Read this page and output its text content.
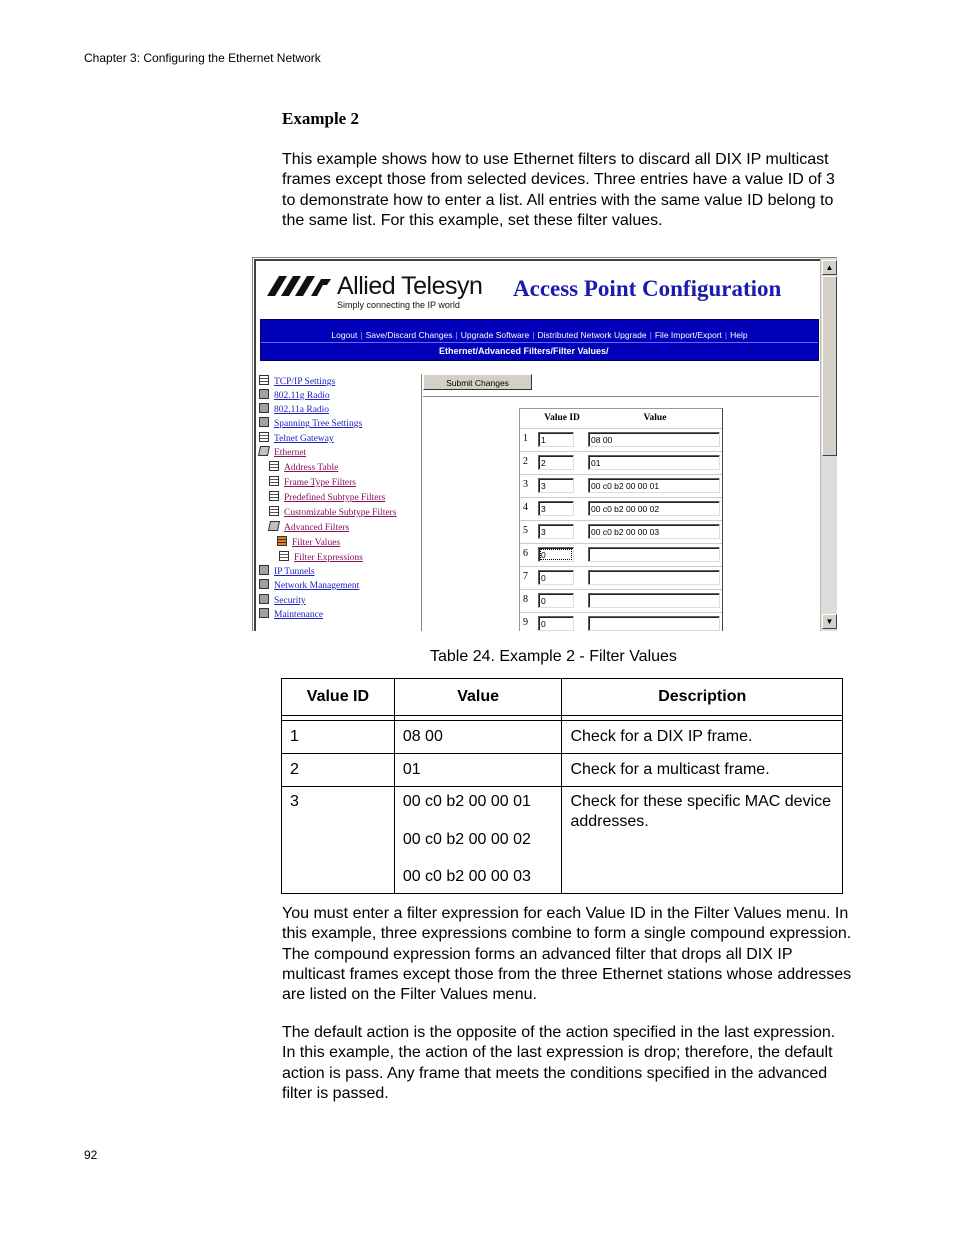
Chapter 3: Configuring the Ethernet Network
Example 2

This example shows how to use Ethernet filters to discard all DIX IP multicast frames except those from selected devices. Three entries have a value ID of 3 to demonstrate how to enter a list. All entries with the same value ID belong to the same list. For this example, set these filter values.

Allied Telesyn
Simply connecting the IP world
Access Point Configuration
Logout | Save/Discard Changes | Upgrade Software | Distributed Network Upgrade | File Import/Export | Help
Ethernet/Advanced Filters/Filter Values/
TCP/IP Settings
802.11g Radio
802.11a Radio
Spanning Tree Settings
Telnet Gateway
Ethernet
Address Table
Frame Type Filters
Predefined Subtype Filters
Customizable Subtype Filters
Advanced Filters
Filter Values
Filter Expressions
IP Tunnels
Network Management
Security
Maintenance
Submit Changes
Value ID	Value
1	1	08 00
2	2	01
3	3	00 c0 b2 00 00 01
4	3	00 c0 b2 00 00 02
5	3	00 c0 b2 00 00 03
6	0
7	0
8	0
9	0
▲
▼
Table 24. Example 2 - Filter Values
Value ID	Value	Description

1	08 00	Check for a DIX IP frame.

2	01	Check for a multicast frame.

3	00 c0 b2 00 00 01
00 c0 b2 00 00 02
00 c0 b2 00 00 03	Check for these specific MAC device addresses.

You must enter a filter expression for each Value ID in the Filter Values menu. In this example, three expressions combine to form a single compound expression. The compound expression forms an advanced filter that drops all DIX IP multicast frames except those from the three Ethernet stations whose addresses are listed on the Filter Values menu.

The default action is the opposite of the action specified in the last expression. In this example, the action of the last expression is drop; therefore, the default action is pass. Any frame that meets the conditions specified in the advanced filter is passed.

92
